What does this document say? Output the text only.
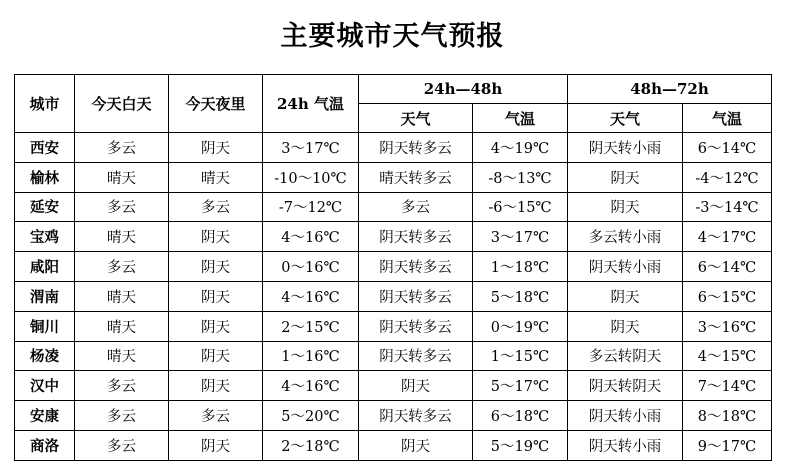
主要城市天气预报
城市	今天白天	今天夜里	24h 气温	24h—48h		48h—72h	
				天气	气温	天气	气温
西安	多云	阴天	3～17℃	阴天转多云	4～19℃	阴天转小雨	6～14℃
榆林	晴天	晴天	-10～10℃	晴天转多云	-8～13℃	阴天	-4～12℃
延安	多云	多云	-7～12℃	多云	-6～15℃	阴天	-3～14℃
宝鸡	晴天	阴天	4～16℃	阴天转多云	3～17℃	多云转小雨	4～17℃
咸阳	多云	阴天	0～16℃	阴天转多云	1～18℃	阴天转小雨	6～14℃
渭南	晴天	阴天	4～16℃	阴天转多云	5～18℃	阴天	6～15℃
铜川	晴天	阴天	2～15℃	阴天转多云	0～19℃	阴天	3～16℃
杨凌	晴天	阴天	1～16℃	阴天转多云	1～15℃	多云转阴天	4～15℃
汉中	多云	阴天	4～16℃	阴天	5～17℃	阴天转阴天	7～14℃
安康	多云	多云	5～20℃	阴天转多云	6～18℃	阴天转小雨	8～18℃
商洛	多云	阴天	2～18℃	阴天	5～19℃	阴天转小雨	9～17℃
